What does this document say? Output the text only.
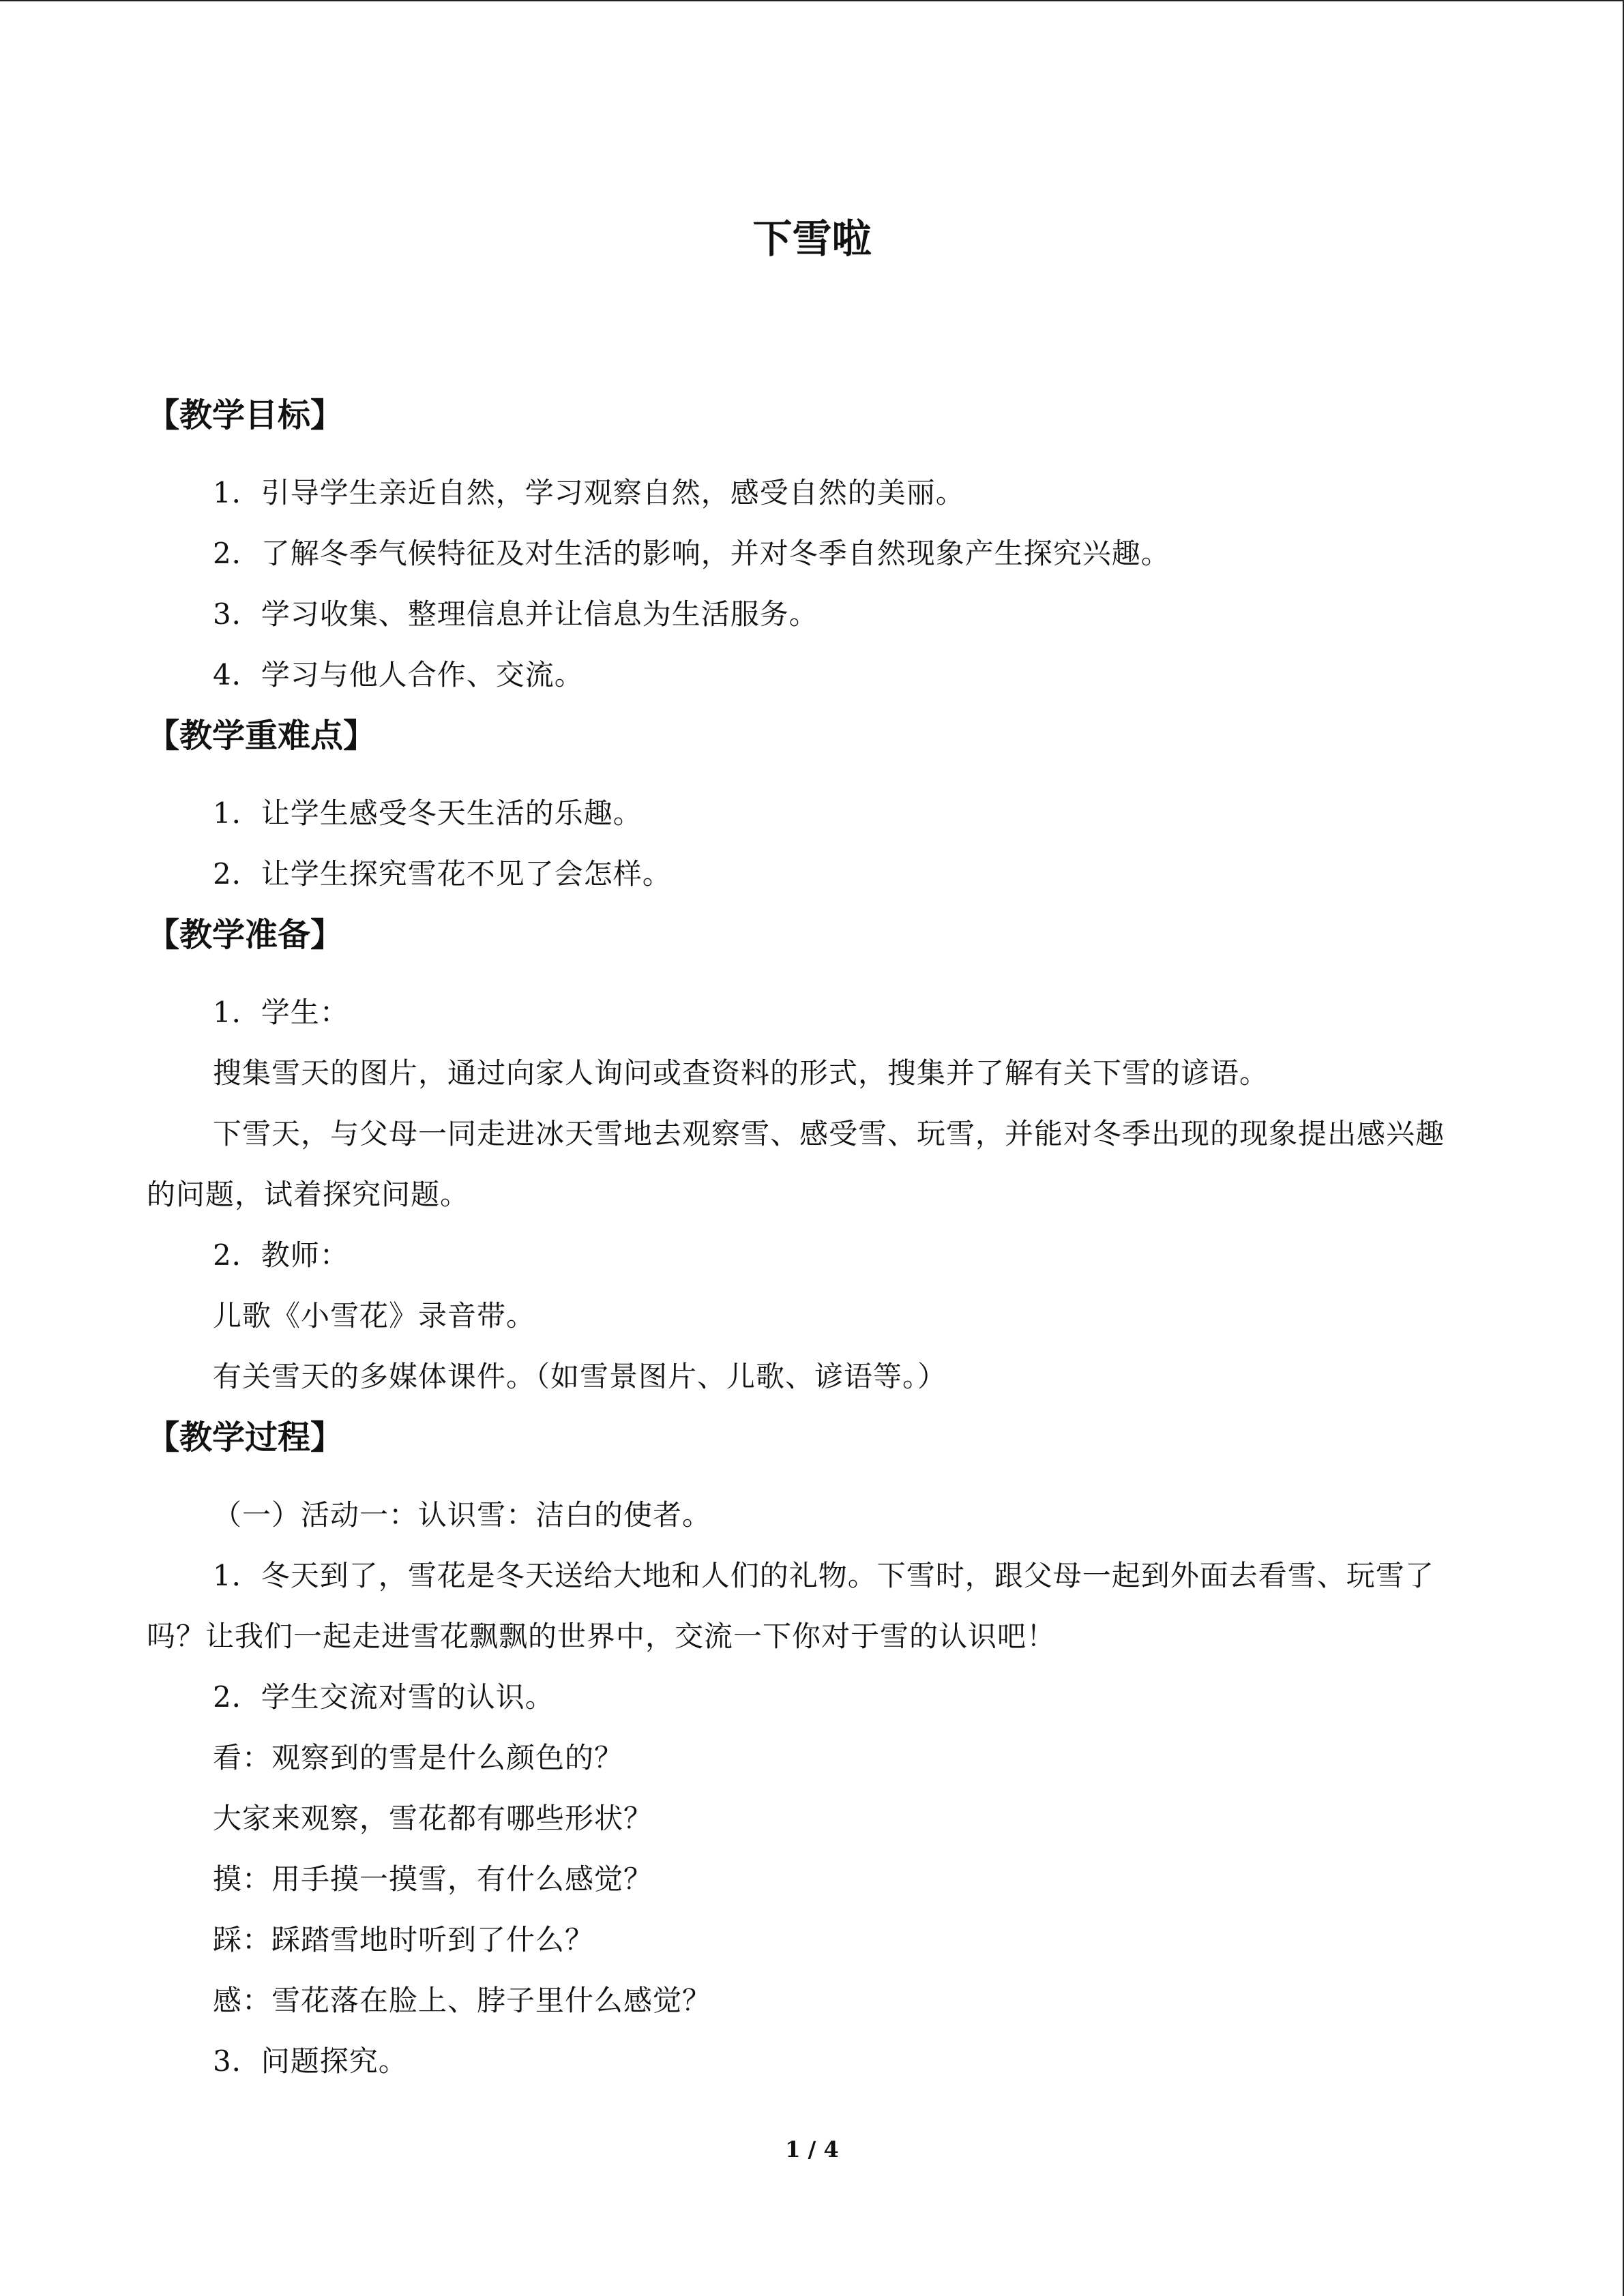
下雪啦
【教学目标】

1．引导学生亲近自然，学习观察自然，感受自然的美丽。

2．了解冬季气候特征及对生活的影响，并对冬季自然现象产生探究兴趣。

3．学习收集、整理信息并让信息为生活服务。

4．学习与他人合作、交流。

【教学重难点】

1．让学生感受冬天生活的乐趣。

2．让学生探究雪花不见了会怎样。

【教学准备】

1．学生：

搜集雪天的图片，通过向家人询问或查资料的形式，搜集并了解有关下雪的谚语。

下雪天，与父母一同走进冰天雪地去观察雪、感受雪、玩雪，并能对冬季出现的现象提出感兴趣的问题，试着探究问题。

2．教师：

儿歌《小雪花》录音带。

有关雪天的多媒体课件。（如雪景图片、儿歌、谚语等。）

【教学过程】

（一）活动一：认识雪：洁白的使者。

1．冬天到了，雪花是冬天送给大地和人们的礼物。下雪时，跟父母一起到外面去看雪、玩雪了吗？让我们一起走进雪花飘飘的世界中，交流一下你对于雪的认识吧！

2．学生交流对雪的认识。

看：观察到的雪是什么颜色的？

大家来观察，雪花都有哪些形状？

摸：用手摸一摸雪，有什么感觉？

踩：踩踏雪地时听到了什么？

感：雪花落在脸上、脖子里什么感觉？

3．问题探究。

1 / 4
